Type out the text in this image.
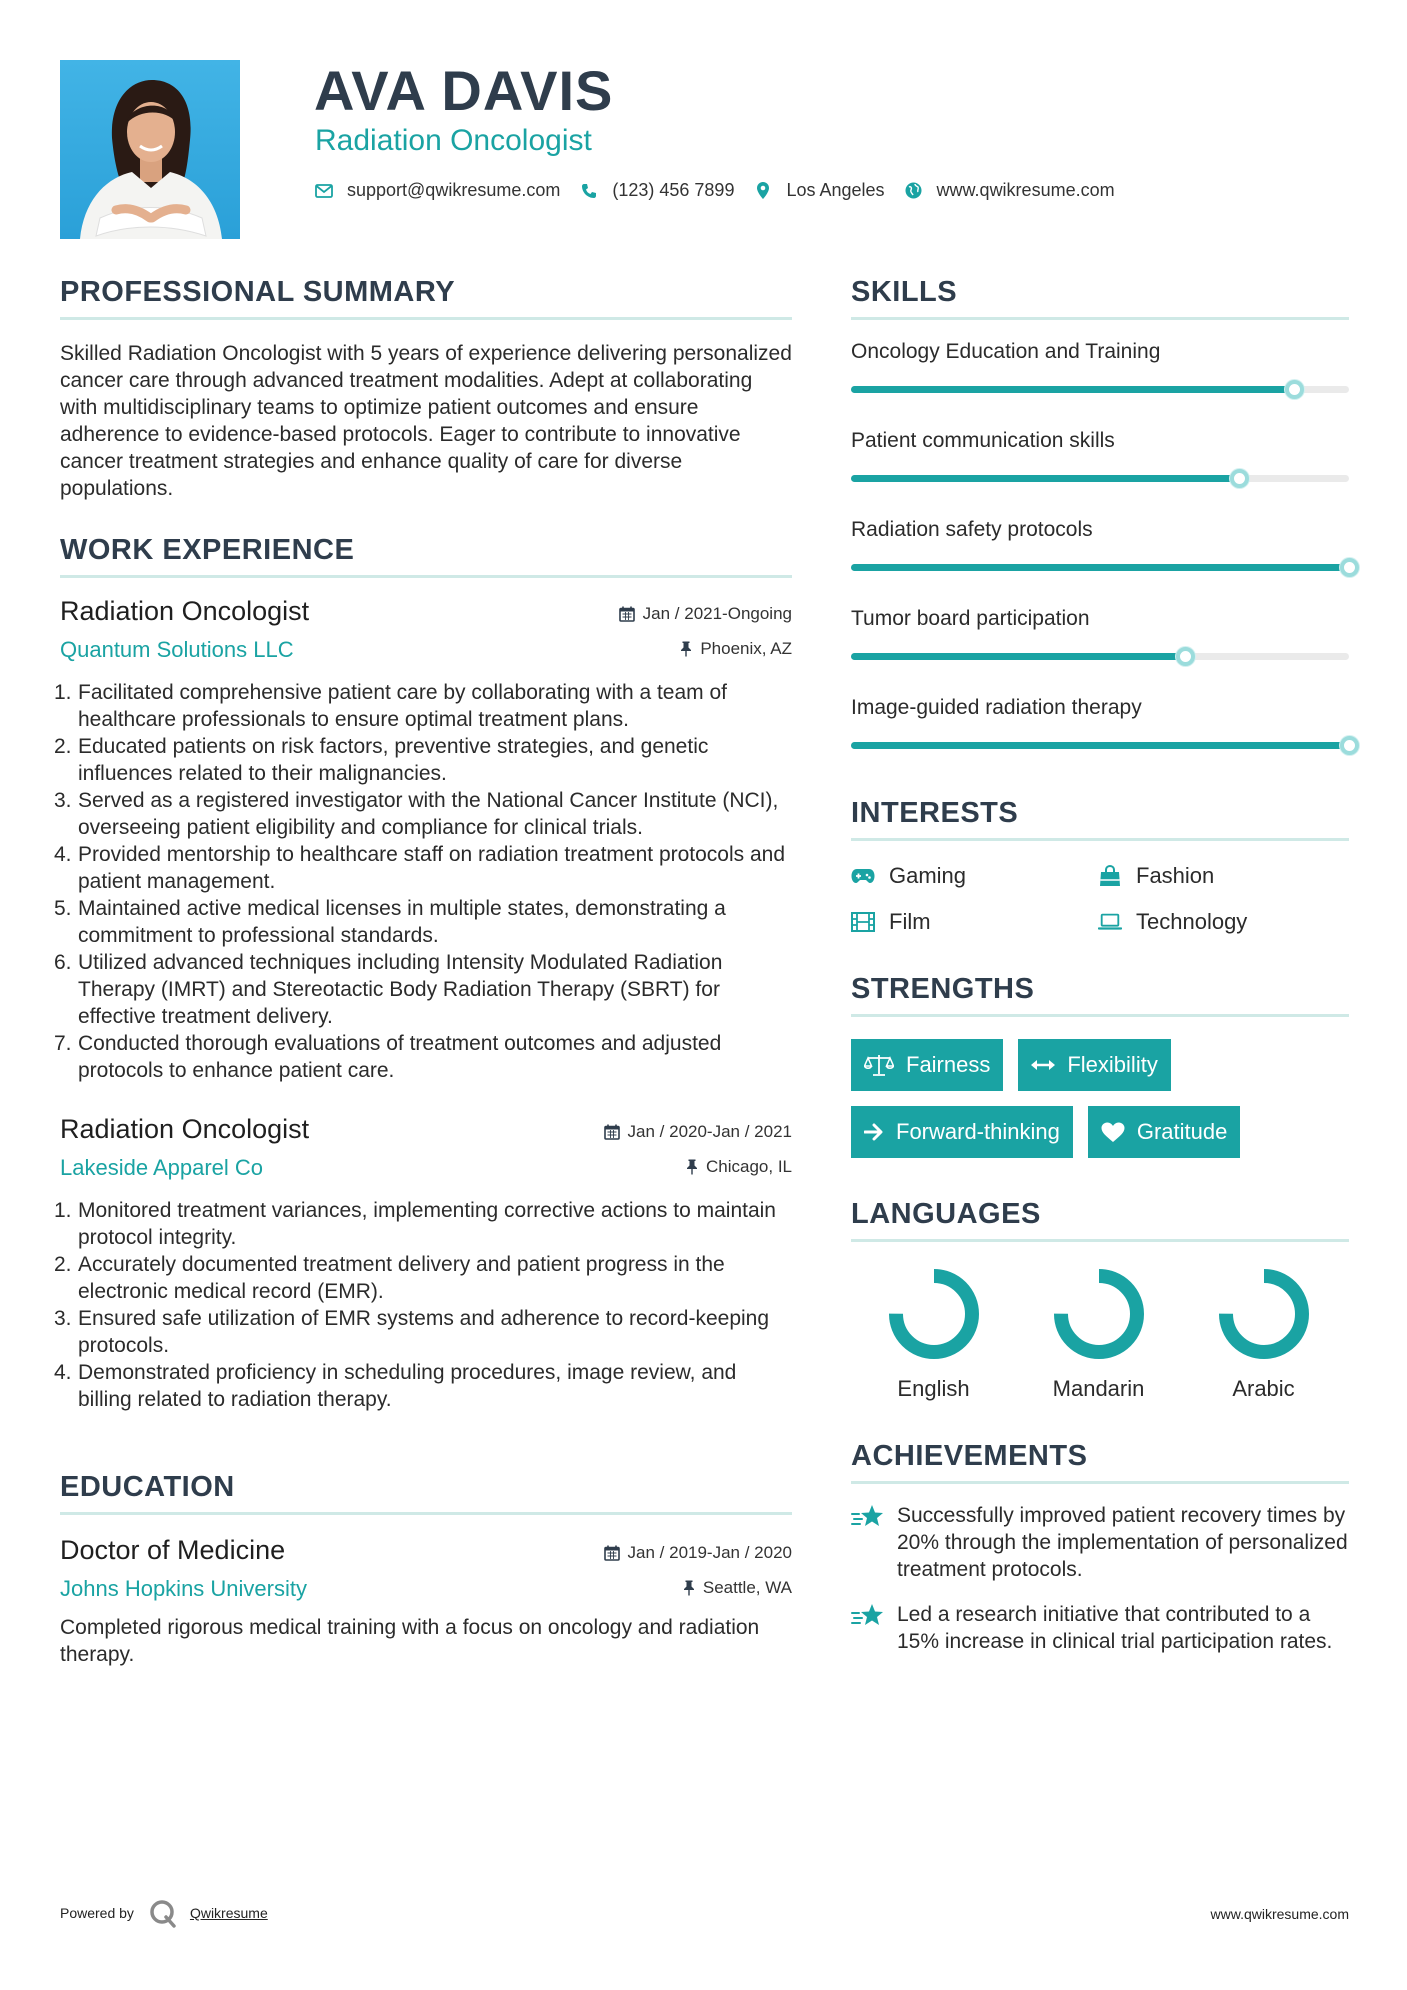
AVA DAVIS
Radiation Oncologist
support@qwikresume.com	(123) 456 7899	Los Angeles	www.qwikresume.com
PROFESSIONAL SUMMARY

Skilled Radiation Oncologist with 5 years of experience delivering personalized cancer care through advanced treatment modalities. Adept at collaborating with multidisciplinary teams to optimize patient outcomes and ensure adherence to evidence-based protocols. Eager to contribute to innovative cancer treatment strategies and enhance quality of care for diverse populations.

WORK EXPERIENCE
Radiation Oncologist
Quantum Solutions LLC
Jan / 2021-Ongoing
Phoenix, AZ
1. Facilitated comprehensive patient care by collaborating with a team of healthcare professionals to ensure optimal treatment plans.
2. Educated patients on risk factors, preventive strategies, and genetic influences related to their malignancies.
3. Served as a registered investigator with the National Cancer Institute (NCI), overseeing patient eligibility and compliance for clinical trials.
4. Provided mentorship to healthcare staff on radiation treatment protocols and patient management.
5. Maintained active medical licenses in multiple states, demonstrating a commitment to professional standards.
6. Utilized advanced techniques including Intensity Modulated Radiation Therapy (IMRT) and Stereotactic Body Radiation Therapy (SBRT) for effective treatment delivery.
7. Conducted thorough evaluations of treatment outcomes and adjusted protocols to enhance patient care.
Radiation Oncologist
Lakeside Apparel Co
Jan / 2020-Jan / 2021
Chicago, IL
1. Monitored treatment variances, implementing corrective actions to maintain protocol integrity.
2. Accurately documented treatment delivery and patient progress in the electronic medical record (EMR).
3. Ensured safe utilization of EMR systems and adherence to record-keeping protocols.
4. Demonstrated proficiency in scheduling procedures, image review, and billing related to radiation therapy.
EDUCATION
Doctor of Medicine
Johns Hopkins University
Jan / 2019-Jan / 2020
Seattle, WA

Completed rigorous medical training with a focus on oncology and radiation therapy.

SKILLS
Oncology Education and Training
Patient communication skills
Radiation safety protocols
Tumor board participation
Image-guided radiation therapy
INTERESTS
Gaming	Fashion
Film	Technology
STRENGTHS
Fairness	Flexibility
Forward-thinking	Gratitude
LANGUAGES
English	Mandarin	Arabic
ACHIEVEMENTS
Successfully improved patient recovery times by 20% through the implementation of personalized treatment protocols.
Led a research initiative that contributed to a 15% increase in clinical trial participation rates.
Powered by	Qwikresume	www.qwikresume.com
